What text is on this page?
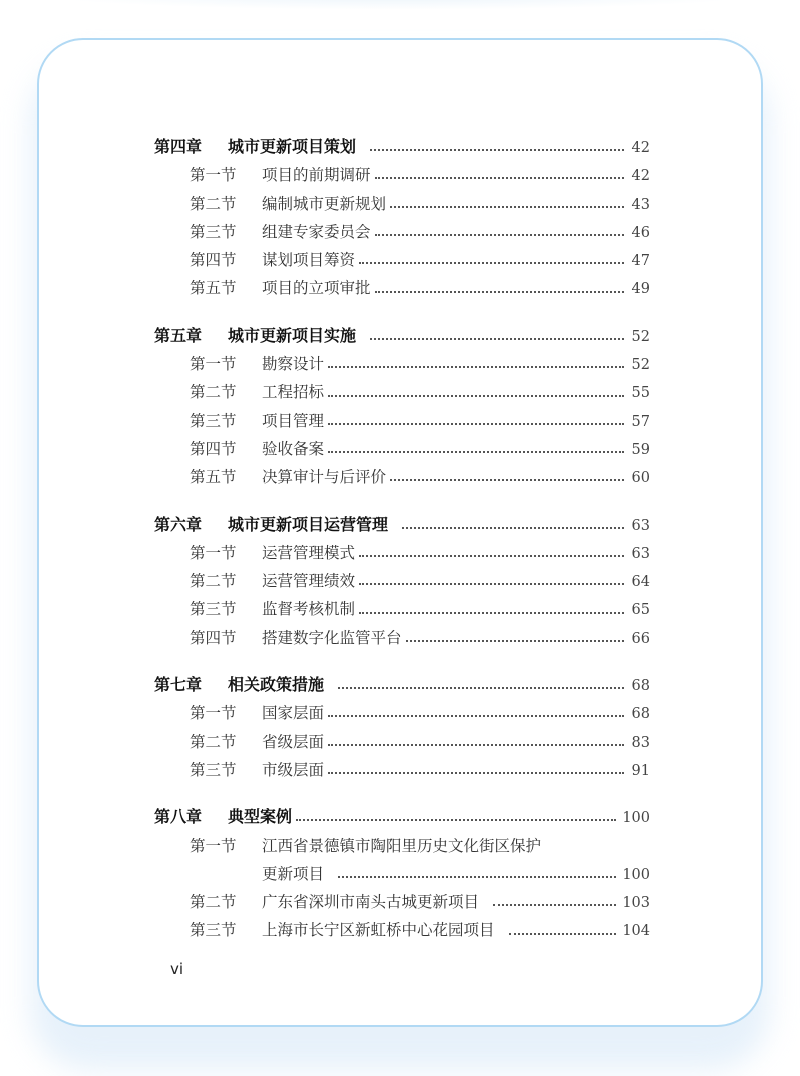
第四章	城市更新项目策划	42
第一节	项目的前期调研	42
第二节	编制城市更新规划	43
第三节	组建专家委员会	46
第四节	谋划项目筹资	47
第五节	项目的立项审批	49
第五章	城市更新项目实施	52
第一节	勘察设计	52
第二节	工程招标	55
第三节	项目管理	57
第四节	验收备案	59
第五节	决算审计与后评价	60
第六章	城市更新项目运营管理	63
第一节	运营管理模式	63
第二节	运营管理绩效	64
第三节	监督考核机制	65
第四节	搭建数字化监管平台	66
第七章	相关政策措施	68
第一节	国家层面	68
第二节	省级层面	83
第三节	市级层面	91
第八章	典型案例	100
第一节	江西省景德镇市陶阳里历史文化街区保护
更新项目	100
第二节	广东省深圳市南头古城更新项目	103
第三节	上海市长宁区新虹桥中心花园项目	104
vi
